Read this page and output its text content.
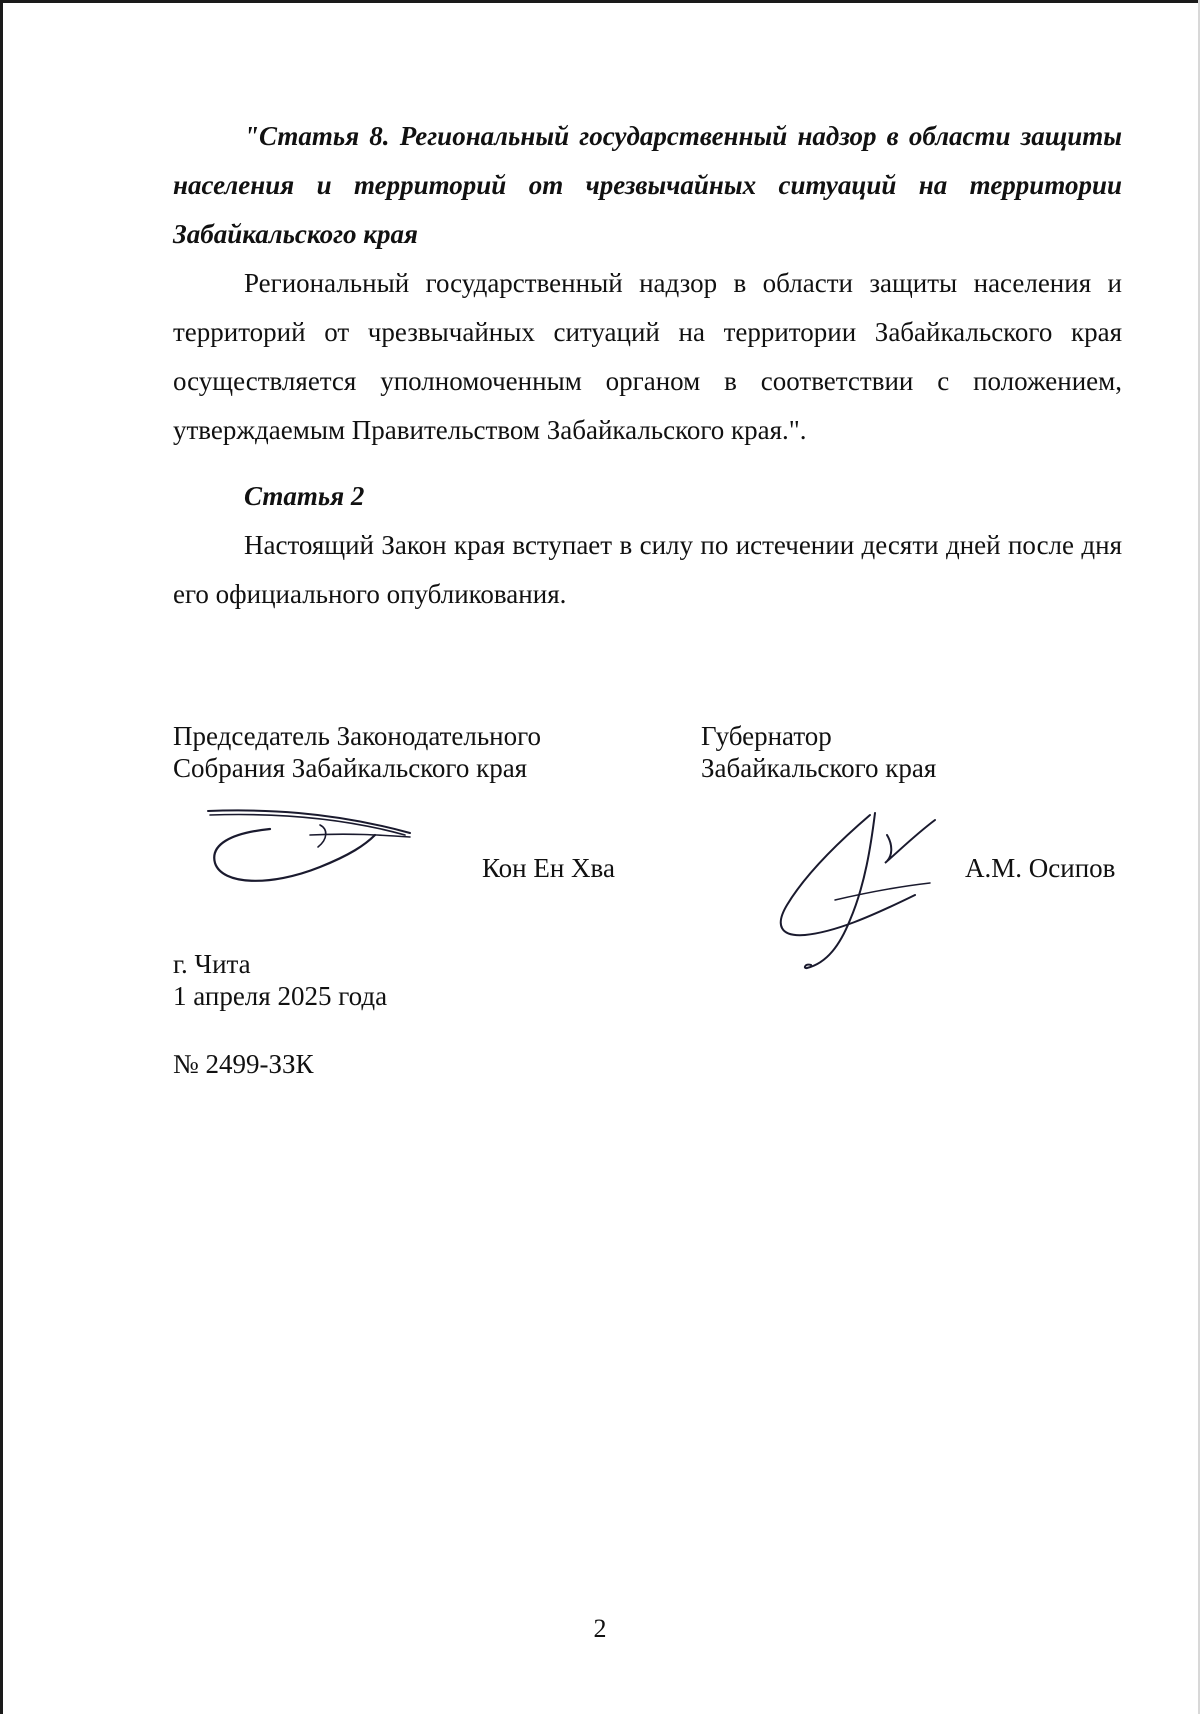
"Статья 8. Региональный государственный надзор в области защиты населения и территорий от чрезвычайных ситуаций на территории Забайкальского края

Региональный государственный надзор в области защиты населения и территорий от чрезвычайных ситуаций на территории Забайкальского края осуществляется уполномоченным органом в соответствии с положением, утверждаемым Правительством Забайкальского края.".

Статья 2

Настоящий Закон края вступает в силу по истечении десяти дней после дня его официального опубликования.

Председатель Законодательного
Собрания Забайкальского края
Губернатор
Забайкальского края
Кон Ен Хва	А.М. Осипов
г. Чита
1 апреля 2025 года
№ 2499-ЗЗК
2
